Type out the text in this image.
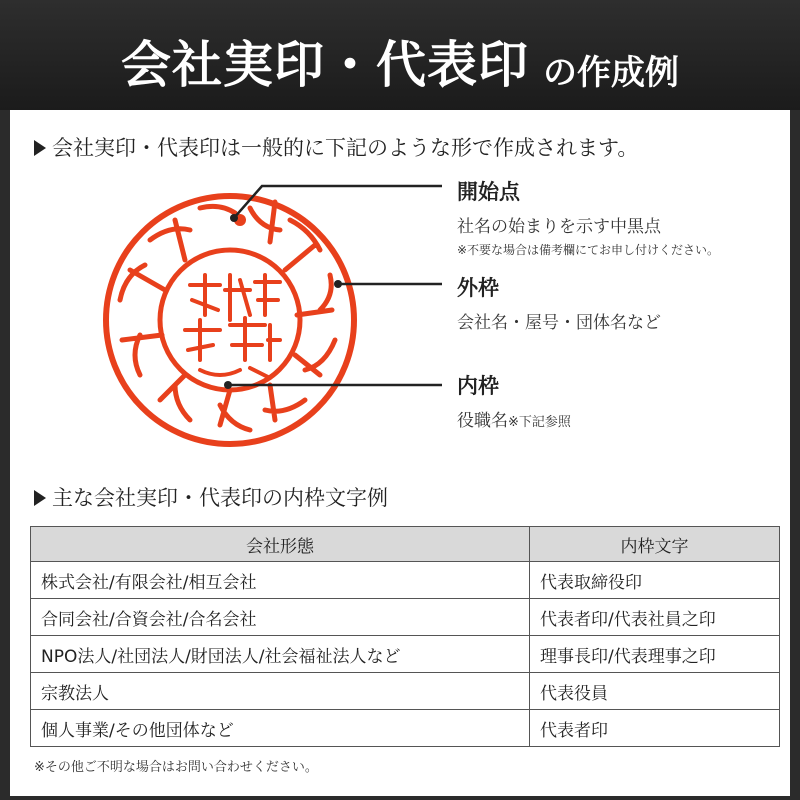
会社実印・代表印 の作成例
会社実印・代表印は一般的に下記のような形で作成されます。
開始点
社名の始まりを示す中黒点
※不要な場合は備考欄にてお申し付けください。
外枠
会社名・屋号・団体名など
内枠
役職名※下記参照
主な会社実印・代表印の内枠文字例
会社形態	内枠文字
株式会社/有限会社/相互会社	代表取締役印
合同会社/合資会社/合名会社	代表者印/代表社員之印
NPO法人/社団法人/財団法人/社会福祉法人など	理事長印/代表理事之印
宗教法人	代表役員
個人事業/その他団体など	代表者印
※その他ご不明な場合はお問い合わせください。
